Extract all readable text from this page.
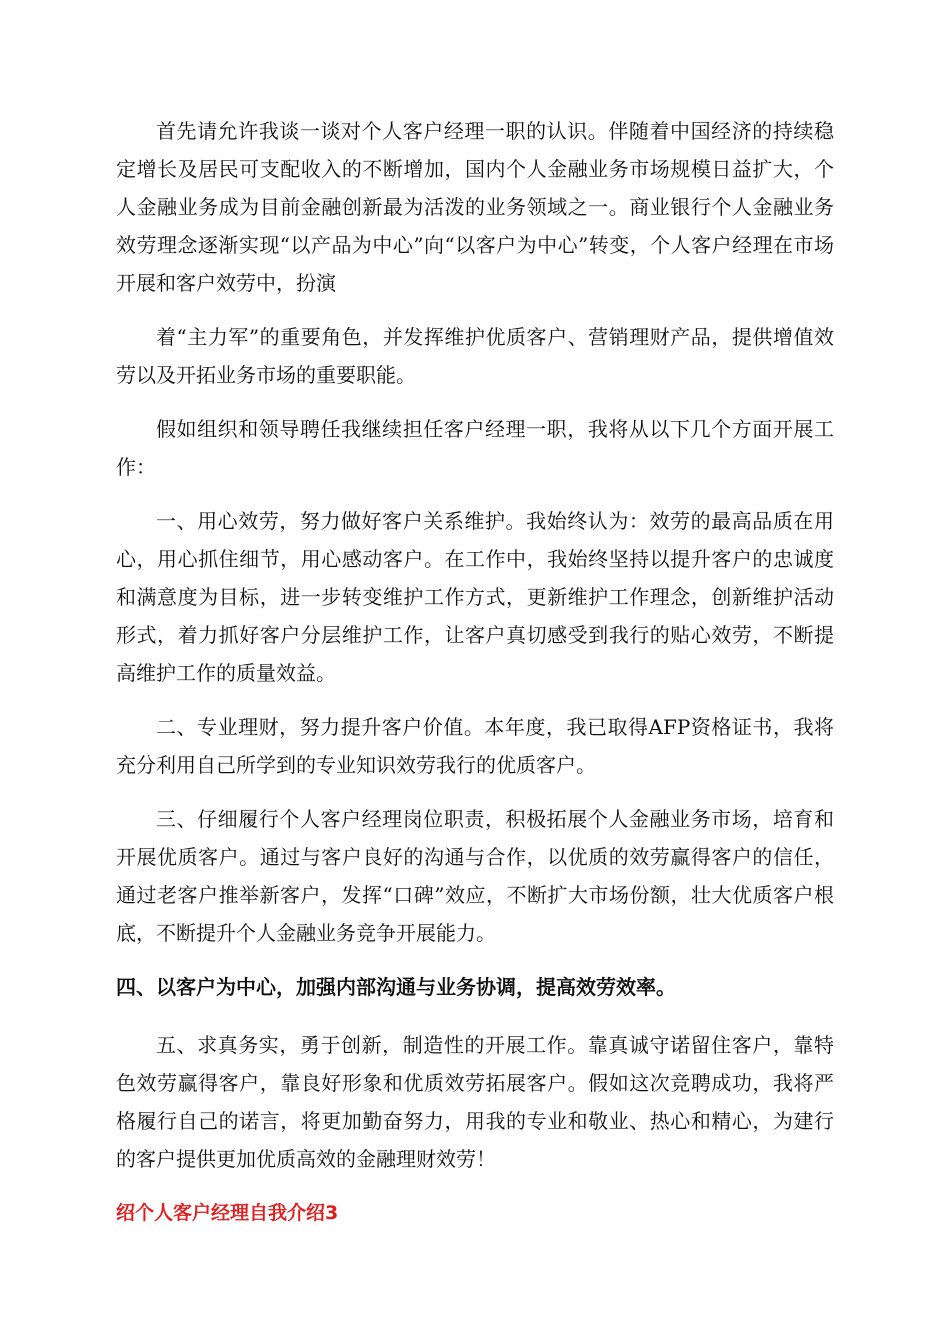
首先请允许我谈一谈对个人客户经理一职的认识。伴随着中国经济的持续稳定增长及居民可支配收入的不断增加，国内个人金融业务市场规模日益扩大，个人金融业务成为目前金融创新最为活泼的业务领域之一。商业银行个人金融业务效劳理念逐渐实现“以产品为中心”向“以客户为中心”转变，个人客户经理在市场开展和客户效劳中，扮演

着“主力军”的重要角色，并发挥维护优质客户、营销理财产品，提供增值效劳以及开拓业务市场的重要职能。

假如组织和领导聘任我继续担任客户经理一职，我将从以下几个方面开展工作：

一、用心效劳，努力做好客户关系维护。我始终认为：效劳的最高品质在用心，用心抓住细节，用心感动客户。在工作中，我始终坚持以提升客户的忠诚度和满意度为目标，进一步转变维护工作方式，更新维护工作理念，创新维护活动形式，着力抓好客户分层维护工作，让客户真切感受到我行的贴心效劳，不断提高维护工作的质量效益。

二、专业理财，努力提升客户价值。本年度，我已取得AFP资格证书，我将充分利用自己所学到的专业知识效劳我行的优质客户。

三、仔细履行个人客户经理岗位职责，积极拓展个人金融业务市场，培育和开展优质客户。通过与客户良好的沟通与合作，以优质的效劳赢得客户的信任，通过老客户推举新客户，发挥“口碑”效应，不断扩大市场份额，壮大优质客户根底，不断提升个人金融业务竞争开展能力。

四、以客户为中心，加强内部沟通与业务协调，提高效劳效率。

五、求真务实，勇于创新，制造性的开展工作。靠真诚守诺留住客户，靠特色效劳赢得客户，靠良好形象和优质效劳拓展客户。假如这次竞聘成功，我将严格履行自己的诺言，将更加勤奋努力，用我的专业和敬业、热心和精心，为建行的客户提供更加优质高效的金融理财效劳！

绍个人客户经理自我介绍3
